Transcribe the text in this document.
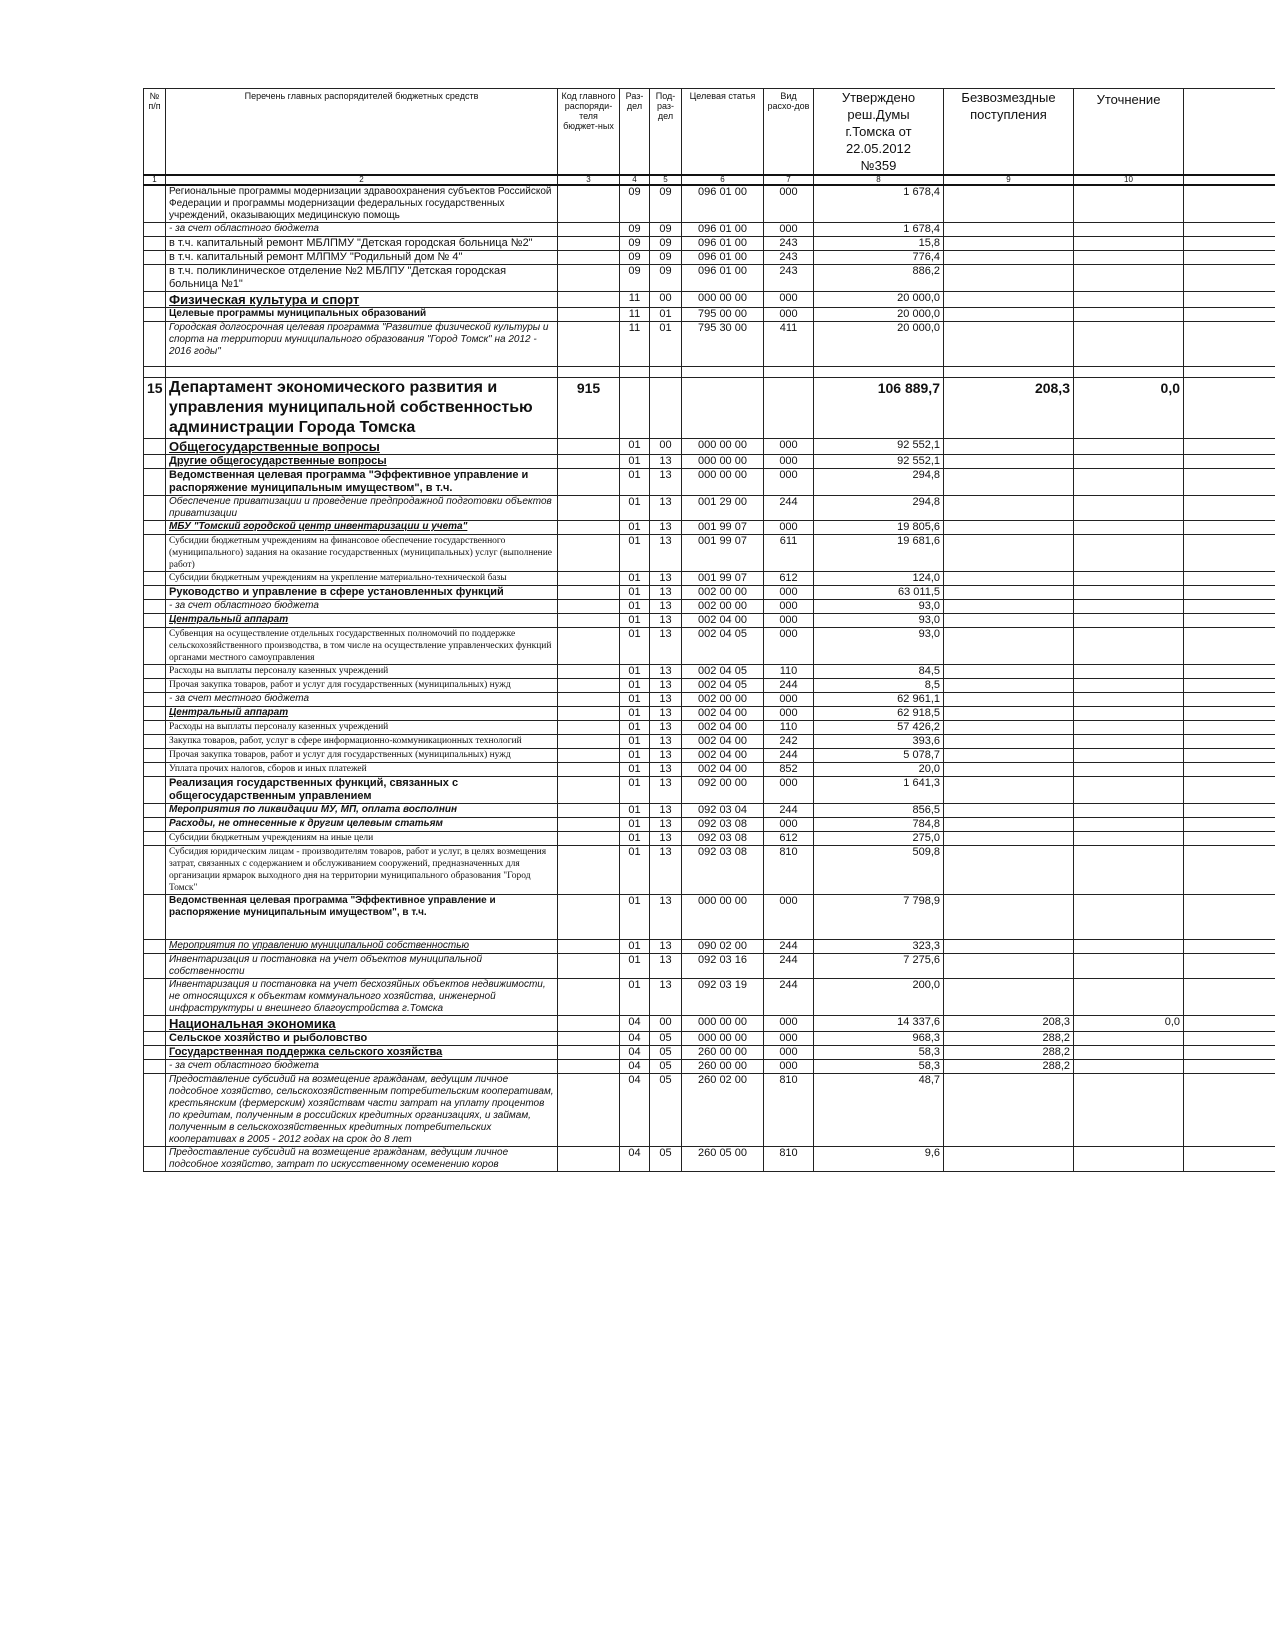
№ п/п	Перечень главных распорядителей бюджетных средств	Код главного распоряди-теля бюджет-ных	Раз-дел	Под-раз-дел	Целевая статья	Вид расхо-дов	Утверждено реш.Думы г.Томска от 22.05.2012 №359	Безвозмездные поступления	Уточнение	
1	2	3	4	5	6	7	8	9	10	
	Региональные программы модернизации здравоохранения субъектов Российской Федерации и программы модернизации федеральных государственных учреждений, оказывающих медицинскую помощь		09	09	096 01 00	000	1 678,4			
	- за счет областного бюджета		09	09	096 01 00	000	1 678,4			
	в т.ч. капитальный ремонт МБЛПМУ "Детская городская больница №2"		09	09	096 01 00	243	15,8			
	в т.ч. капитальный ремонт МЛПМУ "Родильный дом № 4"		09	09	096 01 00	243	776,4			
	в т.ч. поликлиническое отделение №2 МБЛПУ "Детская городская больница №1"		09	09	096 01 00	243	886,2			
	Физическая культура и спорт		11	00	000 00 00	000	20 000,0			
	Целевые программы муниципальных образований		11	01	795 00 00	000	20 000,0			
	Городская долгосрочная целевая программа "Развитие физической культуры и спорта на территории муниципального образования "Город Томск" на 2012 - 2016 годы"		11	01	795 30 00	411	20 000,0			

15	Департамент экономического развития и управления муниципальной собственностью администрации Города Томска	915					106 889,7	208,3	0,0	
	Общегосударственные вопросы		01	00	000 00 00	000	92 552,1			
	Другие общегосударственные вопросы		01	13	000 00 00	000	92 552,1			
	Ведомственная целевая программа "Эффективное управление и распоряжение муниципальным имуществом", в т.ч.		01	13	000 00 00	000	294,8			
	Обеспечение приватизации и проведение предпродажной подготовки объектов приватизации		01	13	001 29 00	244	294,8			
	МБУ "Томский городской центр инвентаризации и учета"		01	13	001 99 07	000	19 805,6			
	Субсидии бюджетным учреждениям на финансовое обеспечение государственного (муниципального) задания на оказание государственных (муниципальных) услуг (выполнение работ)		01	13	001 99 07	611	19 681,6			
	Субсидии бюджетным учреждениям на укрепление материально-технической базы		01	13	001 99 07	612	124,0			
	Руководство и управление в сфере установленных функций		01	13	002 00 00	000	63 011,5			
	- за счет областного бюджета		01	13	002 00 00	000	93,0			
	Центральный аппарат		01	13	002 04 00	000	93,0			
	Субвенция на осуществление отдельных государственных полномочий по поддержке сельскохозяйственного производства, в том числе на осуществление управленческих функций органами местного самоуправления		01	13	002 04 05	000	93,0			
	Расходы на выплаты персоналу казенных учреждений		01	13	002 04 05	110	84,5			
	Прочая закупка товаров, работ и услуг для государственных (муниципальных) нужд		01	13	002 04 05	244	8,5			
	- за счет местного бюджета		01	13	002 00 00	000	62 961,1			
	Центральный аппарат		01	13	002 04 00	000	62 918,5			
	Расходы на выплаты персоналу казенных учреждений		01	13	002 04 00	110	57 426,2			
	Закупка товаров, работ, услуг в сфере информационно-коммуникационных технологий		01	13	002 04 00	242	393,6			
	Прочая закупка товаров, работ и услуг для государственных (муниципальных) нужд		01	13	002 04 00	244	5 078,7			
	Уплата прочих налогов, сборов и иных платежей		01	13	002 04 00	852	20,0			
	Реализация государственных функций, связанных с общегосударственным управлением		01	13	092 00 00	000	1 641,3			
	Мероприятия по ликвидации МУ, МП, оплата восполнин		01	13	092 03 04	244	856,5			
	Расходы, не отнесенные к другим целевым статьям		01	13	092 03 08	000	784,8			
	Субсидии бюджетным учреждениям на иные цели		01	13	092 03 08	612	275,0			
	Субсидия юридическим лицам - производителям товаров, работ и услуг, в целях возмещения затрат, связанных с содержанием и обслуживанием сооружений, предназначенных для организации ярмарок выходного дня на территории муниципального образования "Город Томск"		01	13	092 03 08	810	509,8			
	Ведомственная целевая программа "Эффективное управление и распоряжение муниципальным имуществом", в т.ч.		01	13	000 00 00	000	7 798,9			
	Мероприятия по управлению муниципальной собственностью		01	13	090 02 00	244	323,3			
	Инвентаризация и постановка на учет объектов муниципальной собственности		01	13	092 03 16	244	7 275,6			
	Инвентаризация и постановка на учет бесхозяйных объектов недвижимости, не относящихся к объектам коммунального хозяйства, инженерной инфраструктуры и внешнего благоустройства г.Томска		01	13	092 03 19	244	200,0			
	Национальная экономика		04	00	000 00 00	000	14 337,6	208,3	0,0	
	Сельское хозяйство и рыболовство		04	05	000 00 00	000	968,3	288,2		
	Государственная поддержка сельского хозяйства		04	05	260 00 00	000	58,3	288,2		
	- за счет областного бюджета		04	05	260 00 00	000	58,3	288,2		
	Предоставление субсидий на возмещение гражданам, ведущим личное подсобное хозяйство, сельскохозяйственным потребительским кооперативам, крестьянским (фермерским) хозяйствам части затрат на уплату процентов по кредитам, полученным в российских кредитных организациях, и займам, полученным в сельскохозяйственных кредитных потребительских кооперативах в 2005 - 2012 годах на срок до 8 лет		04	05	260 02 00	810	48,7			
	Предоставление субсидий на возмещение гражданам, ведущим личное подсобное хозяйство, затрат по искусственному осеменению коров		04	05	260 05 00	810	9,6			
